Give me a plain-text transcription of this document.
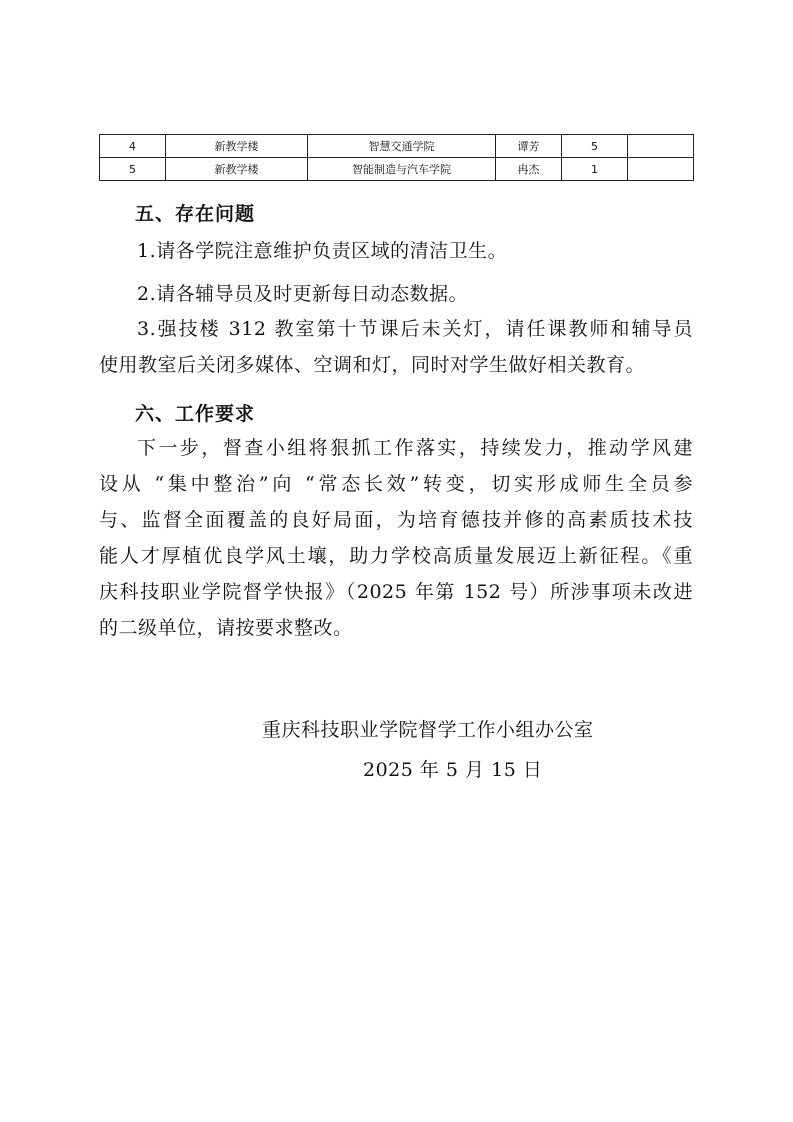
4	新教学楼	智慧交通学院	谭芳	5	
5	新教学楼	智能制造与汽车学院	冉杰	1	
五、存在问题
1.请各学院注意维护负责区域的清洁卫生。
2.请各辅导员及时更新每日动态数据。
3.强技楼 312 教室第十节课后未关灯，请任课教师和辅导员
使用教室后关闭多媒体、空调和灯，同时对学生做好相关教育。
六、工作要求
下一步，督查小组将狠抓工作落实，持续发力，推动学风建
设从 “集中整治”向 “常态长效”转变，切实形成师生全员参
与、监督全面覆盖的良好局面，为培育德技并修的高素质技术技
能人才厚植优良学风土壤，助力学校高质量发展迈上新征程。《重
庆科技职业学院督学快报》（2025 年第 152 号）所涉事项未改进
的二级单位，请按要求整改。
重庆科技职业学院督学工作小组办公室
2025 年 5 月 15 日
